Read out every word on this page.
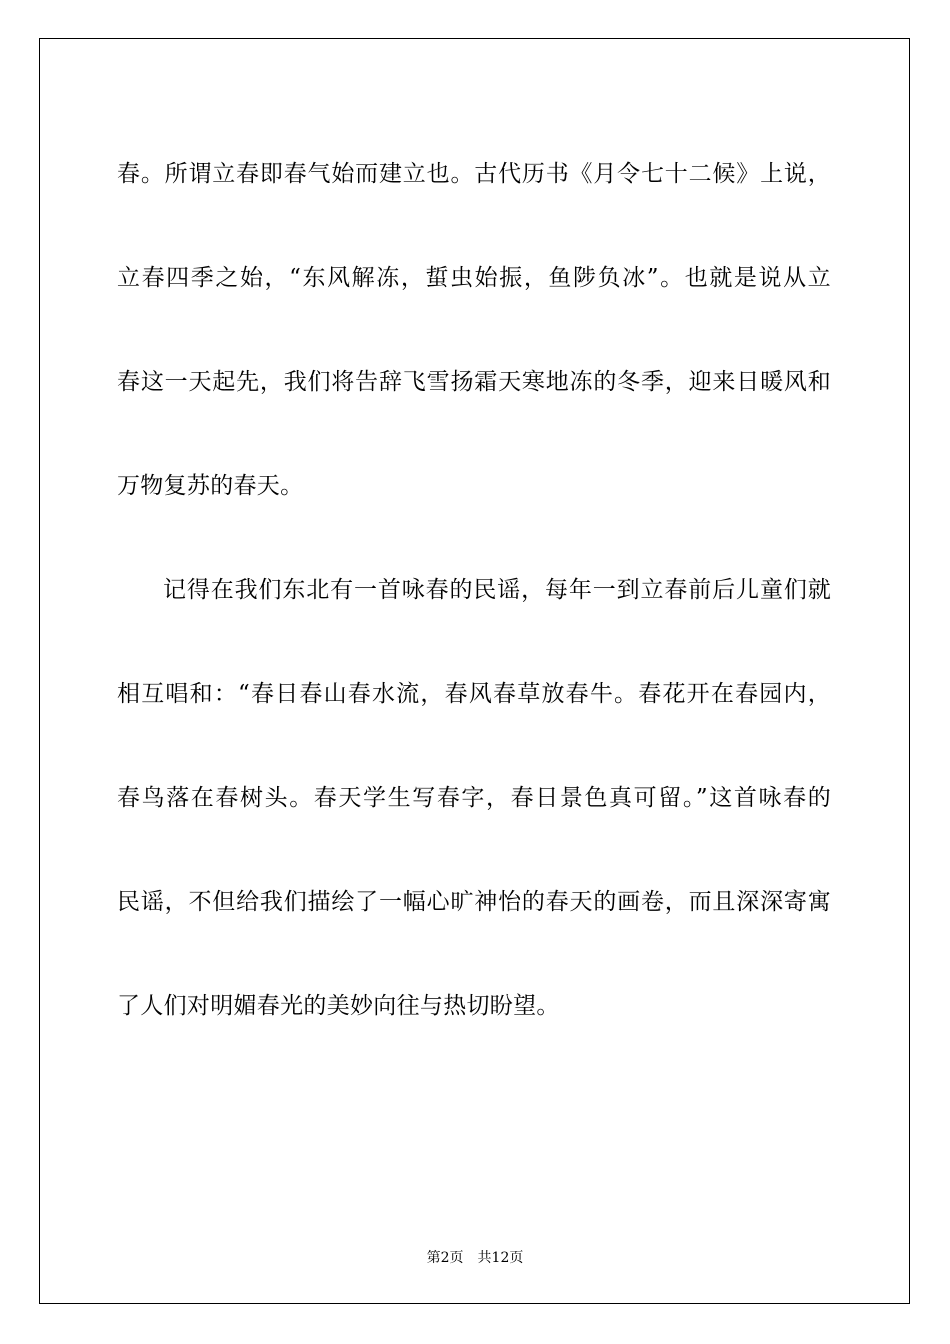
春。所谓立春即春气始而建立也。古代历书《月令七十二候》上说，
立春四季之始，“东风解冻，蜇虫始振，鱼陟负冰”。也就是说从立
春这一天起先，我们将告辞飞雪扬霜天寒地冻的冬季，迎来日暖风和
万物复苏的春天。
记得在我们东北有一首咏春的民谣，每年一到立春前后儿童们就
相互唱和：“春日春山春水流，春风春草放春牛。春花开在春园内，
春鸟落在春树头。春天学生写春字，春日景色真可留。”这首咏春的
民谣，不但给我们描绘了一幅心旷神怡的春天的画卷，而且深深寄寓
了人们对明媚春光的美妙向往与热切盼望。
第2页 共12页
